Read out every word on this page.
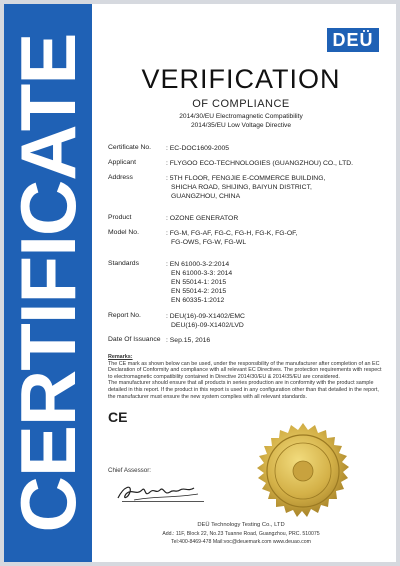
CERTIFICATE	DEÜ
VERIFICATION
OF COMPLIANCE
2014/30/EU Electromagnetic Compatibility
2014/35/EU Low Voltage Directive
Certificate No.	: EC-DOC1609-2005
Applicant	: FLYGOO ECO-TECHNOLOGIES (GUANGZHOU) CO., LTD.
Address	: 5TH FLOOR, FENGJIE E-COMMERCE BUILDING,
SHICHA ROAD, SHIJING, BAIYUN DISTRICT,
GUANGZHOU, CHINA
Product	: OZONE GENERATOR
Model No.	: FG-M, FG-AF, FG-C, FG-H, FG-K, FG-OF,
FG-OWS, FG-W, FG-WL
Standards	: EN 61000-3-2:2014
EN 61000-3-3: 2014
EN 55014-1: 2015
EN 55014-2: 2015
EN 60335-1:2012
Report No.	: DEU(16)-09-X1402/EMC
DEU(16)-09-X1402/LVD
Date Of Issuance : Sep.15, 2016
Remarks:
The CE mark as shown below can be used, under the responsibility of the manufacturer after completion of an EC Declaration of Conformity and compliance with all relevant EC Directives. The protection requirements with respect to electromagnetic compatibility contained in Directive 2014/30/EU & 2014/35/EU are considered.
The manufacturer should ensure that all products in series production are in conformity with the product sample detailed in this report. If the product in this report is used in any configuration other than that detailed in the report, the manufacturer must ensure the new system complies with all relevant standards.
CE
Chief Assessor:
DEÜ Technology Testing Co., LTD
Add.: 11F, Block 22, No.23 Tuanne Road, Guangzhou, PRC. 510075
Tel:400-8469-478 Mail:voc@deuemark.com www.deuao.com
